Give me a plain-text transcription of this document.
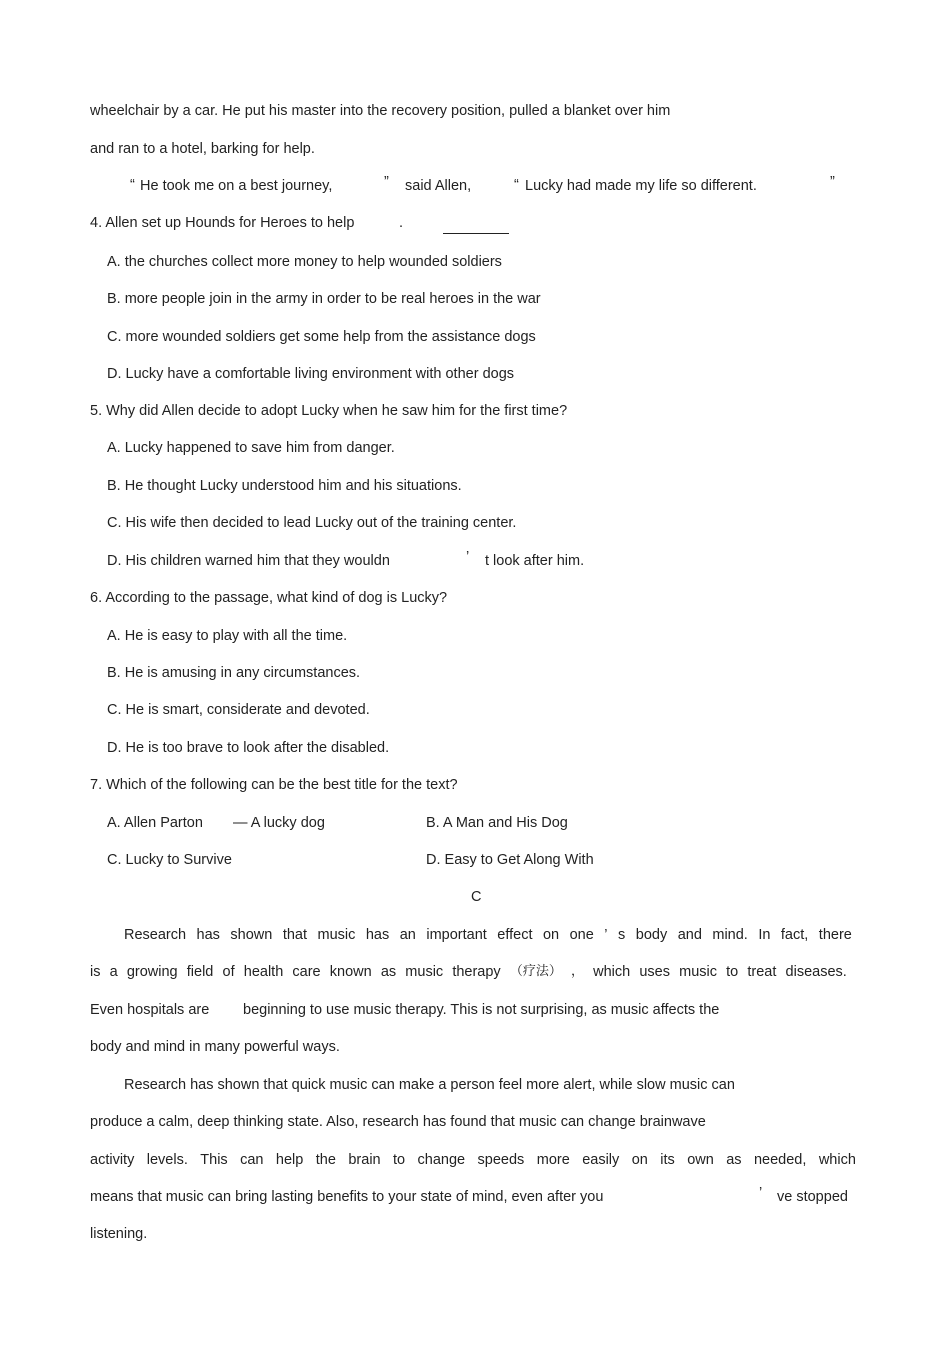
wheelchair by a car. He put his master into the recovery position, pulled a blanket over him
and ran to a hotel, barking for help.
“ He took me on a best journey,	” said Allen,	“ Lucky had made my life so different.	”
4. Allen set up Hounds for Heroes to help	.
A. the churches collect more money to help wounded soldiers
B. more people join in the army in order to be real heroes in the war
C. more wounded soldiers get some help from the assistance dogs
D. Lucky have a comfortable living environment with other dogs
5. Why did Allen decide to adopt Lucky when he saw him for the first time?
A. Lucky happened to save him from danger.
B. He thought Lucky understood him and his situations.
C. His wife then decided to lead Lucky out of the training center.
D. His children warned him that they wouldn	’ t look after him.
6. According to the passage, what kind of dog is Lucky?
A. He is easy to play with all the time.
B. He is amusing in any circumstances.
C. He is smart, considerate and devoted.
D. He is too brave to look after the disabled.
7. Which of the following can be the best title for the text?
A. Allen Parton — A lucky dog	B. A Man and His Dog
C. Lucky to Survive	D. Easy to Get Along With
C
Research has shown that music has an important effect on one ’ s body and mind. In fact, there
is a growing field of health care known as music therapy （疗法） ， which uses music to treat diseases.
Even hospitals are beginning to use music therapy. This is not surprising, as music affects the
body and mind in many powerful ways.
Research has shown that quick music can make a person feel more alert, while slow music can
produce a calm, deep thinking state. Also, research has found that music can change brainwave
activity levels. This can help the brain to change speeds more easily on its own as needed, which
means that music can bring lasting benefits to your state of mind, even after you	’ ve stopped
listening.
